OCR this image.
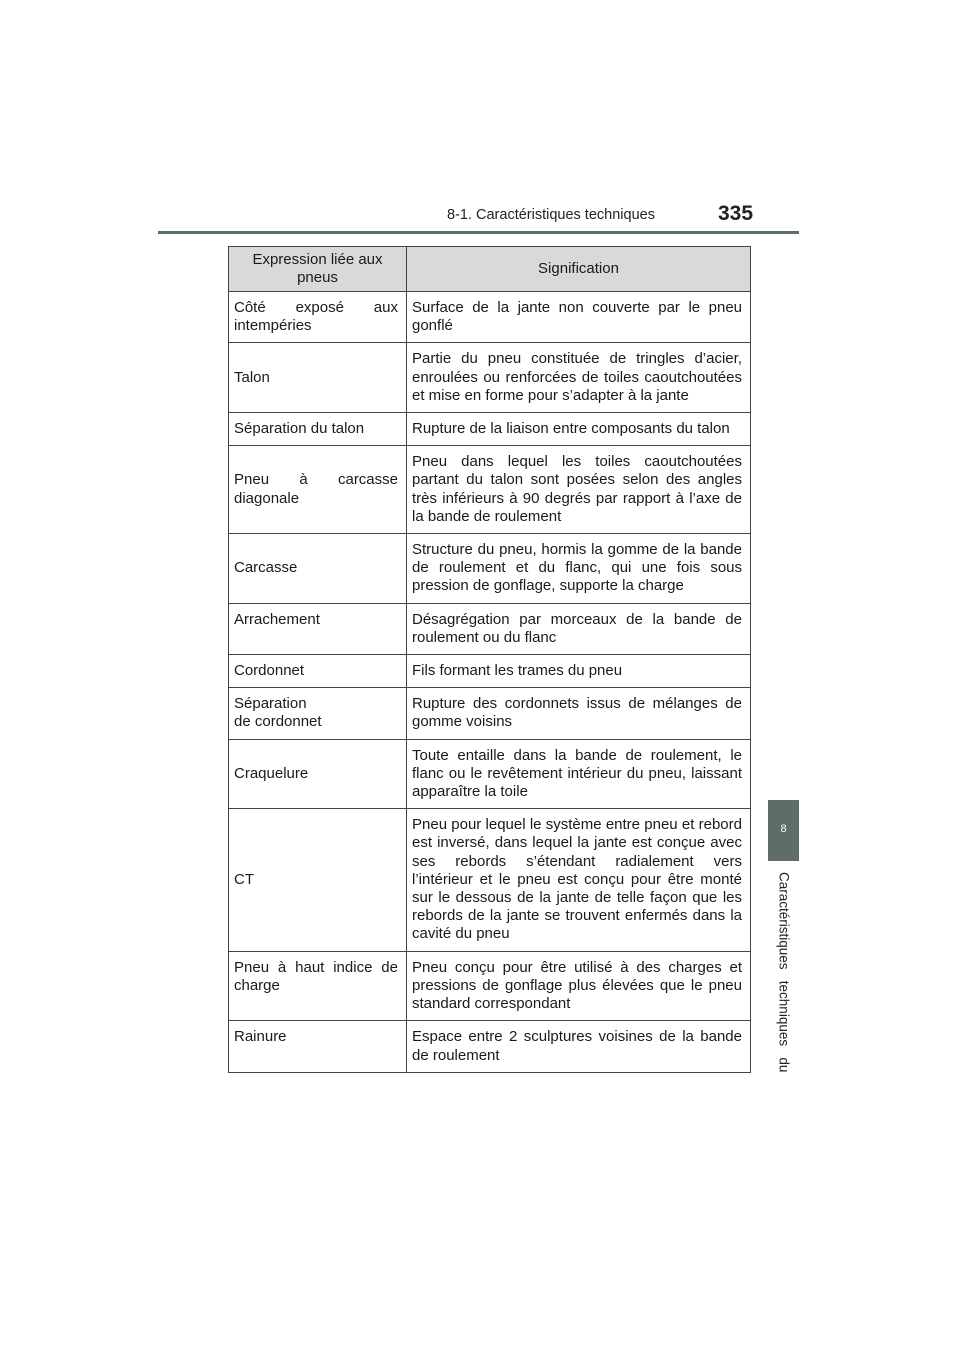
8-1. Caractéristiques techniques	335
8
Caractéristiques   techniques   du
Expression liée aux pneus	Signification
Côté exposé aux intempéries	Surface de la jante non couverte par le pneu gonflé
Talon	Partie du pneu constituée de tringles d’acier, enroulées ou renforcées de toiles caoutchoutées et mise en forme pour s’adapter à la jante
Séparation du talon	Rupture de la liaison entre composants du talon
Pneu à carcasse diagonale	Pneu dans lequel les toiles caoutchoutées partant du talon sont posées selon des angles très inférieurs à 90 degrés par rapport à l’axe de la bande de roulement
Carcasse	Structure du pneu, hormis la gomme de la bande de roulement et du flanc, qui une fois sous pression de gonflage, supporte la charge
Arrachement	Désagrégation par morceaux de la bande de roulement ou du flanc
Cordonnet	Fils formant les trames du pneu

Séparation
de cordonnet	Rupture des cordonnets issus de mélanges de gomme voisins
Craquelure	Toute entaille dans la bande de roulement, le flanc ou le revêtement intérieur du pneu, laissant apparaître la toile
CT	Pneu pour lequel le système entre pneu et rebord est inversé, dans lequel la jante est conçue avec ses rebords s’étendant radialement vers l’intérieur et le pneu est conçu pour être monté sur le dessous de la jante de telle façon que les rebords de la jante se trouvent enfermés dans la cavité du pneu
Pneu à haut indice de charge	Pneu conçu pour être utilisé à des charges et pressions de gonflage plus élevées que le pneu standard correspondant
Rainure	Espace entre 2 sculptures voisines de la bande de roulement
